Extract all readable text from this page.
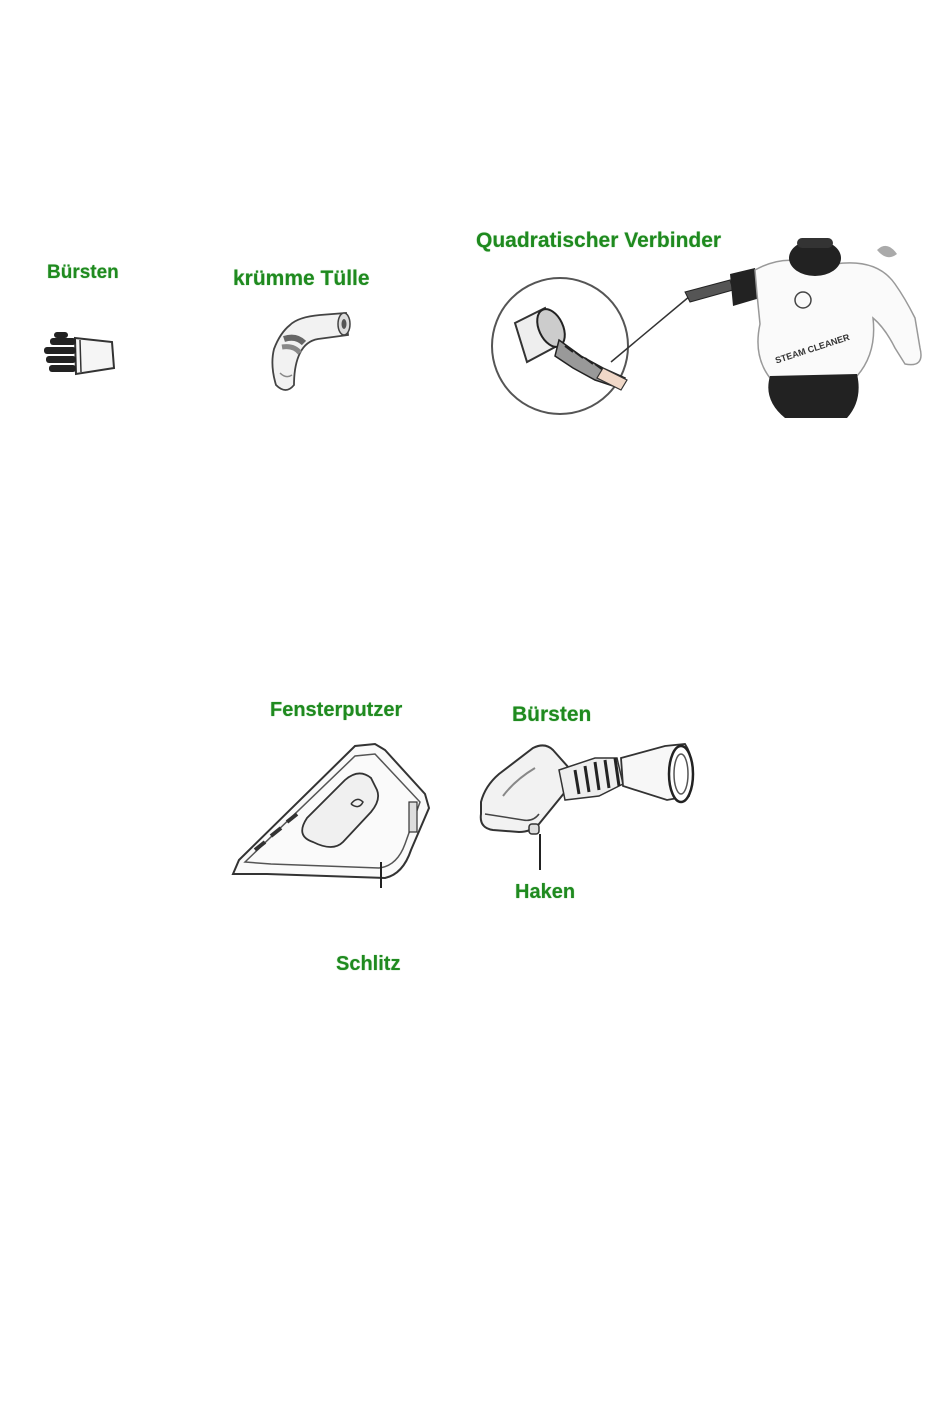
Bürsten	krümme Tülle
Quadratischer Verbinder
Fensterputzer	Bürsten
Schlitz
Haken
STEAM CLEANER
